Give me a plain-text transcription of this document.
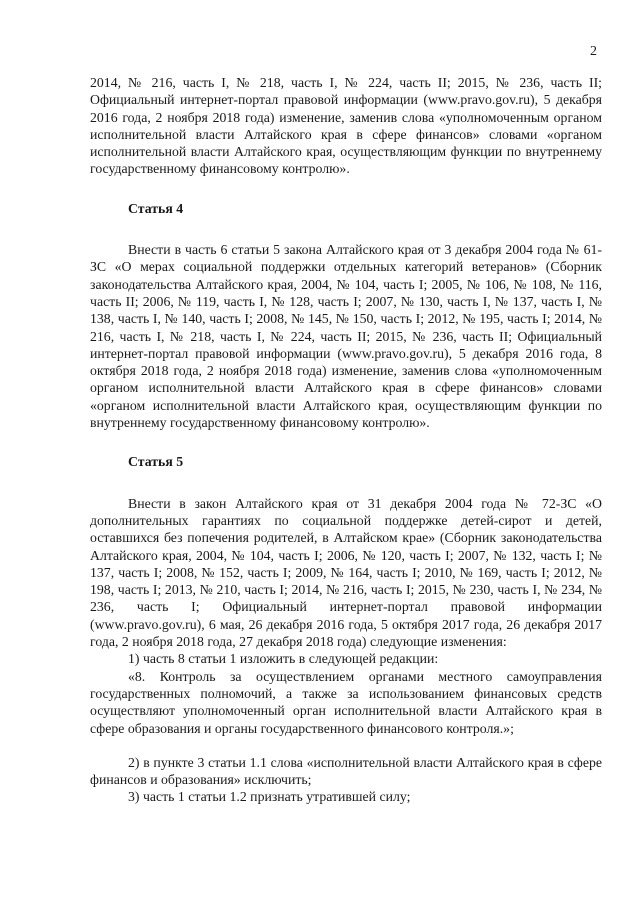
2

2014, № 216, часть I, № 218, часть I, № 224, часть II; 2015, № 236, часть II; Официальный интернет-портал правовой информации (www.pravo.gov.ru), 5 декабря 2016 года, 2 ноября 2018 года) изменение, заменив слова «уполномоченным органом исполнительной власти Алтайского края в сфере финансов» словами «органом исполнительной власти Алтайского края, осуществляющим функции по внутреннему государственному финансовому контролю».

Статья 4

Внести в часть 6 статьи 5 закона Алтайского края от 3 декабря 2004 года № 61-ЗС «О мерах социальной поддержки отдельных категорий ветеранов» (Сборник законодательства Алтайского края, 2004, № 104, часть I; 2005, № 106, № 108, № 116, часть II; 2006, № 119, часть I, № 128, часть I; 2007, № 130, часть I, № 137, часть I, № 138, часть I, № 140, часть I; 2008, № 145, № 150, часть I; 2012, № 195, часть I; 2014, № 216, часть I, № 218, часть I, № 224, часть II; 2015, № 236, часть II; Официальный интернет-портал правовой информации (www.pravo.gov.ru), 5 декабря 2016 года, 8 октября 2018 года, 2 ноября 2018 года) изменение, заменив слова «уполномоченным органом исполнительной власти Алтайского края в сфере финансов» словами «органом исполнительной власти Алтайского края, осуществляющим функции по внутреннему государственному финансовому контролю».

Статья 5

Внести в закон Алтайского края от 31 декабря 2004 года № 72-ЗС «О дополнительных гарантиях по социальной поддержке детей-сирот и детей, оставшихся без попечения родителей, в Алтайском крае» (Сборник законодательства Алтайского края, 2004, № 104, часть I; 2006, № 120, часть I; 2007, № 132, часть I; № 137, часть I; 2008, № 152, часть I; 2009, № 164, часть I; 2010, № 169, часть I; 2012, № 198, часть I; 2013, № 210, часть I; 2014, № 216, часть I; 2015, № 230, часть I, № 234, № 236, часть I; Официальный интернет-портал правовой информации (www.pravo.gov.ru), 6 мая, 26 декабря 2016 года, 5 октября 2017 года, 26 декабря 2017 года, 2 ноября 2018 года, 27 декабря 2018 года) следующие изменения:

1) часть 8 статьи 1 изложить в следующей редакции:

«8. Контроль за осуществлением органами местного самоуправления государственных полномочий, а также за использованием финансовых средств осуществляют уполномоченный орган исполнительной власти Алтайского края в сфере образования и органы государственного финансового контроля.»;

2) в пункте 3 статьи 1.1 слова «исполнительной власти Алтайского края в сфере финансов и образования» исключить;

3) часть 1 статьи 1.2 признать утратившей силу;
